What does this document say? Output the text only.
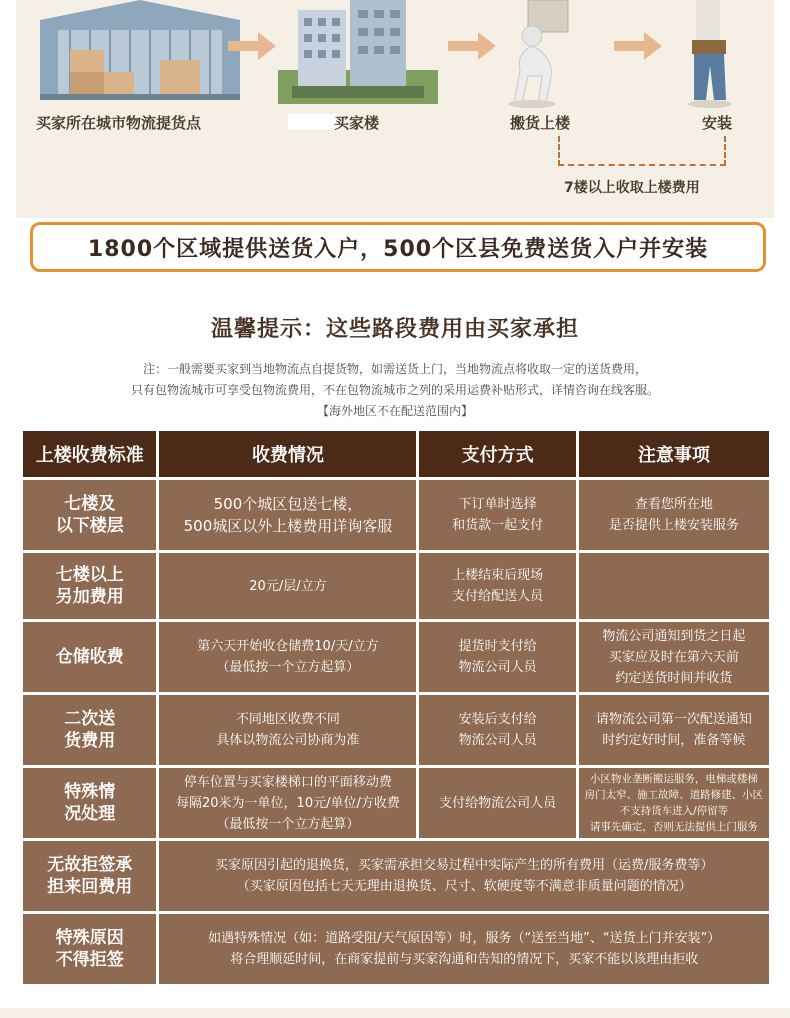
买家所在城市物流提货点	买家楼	搬货上楼	安装
7楼以上收取上楼费用
1800个区域提供送货入户，500个区县免费送货入户并安装
温馨提示：这些路段费用由买家承担
注：一般需要买家到当地物流点自提货物，如需送货上门，当地物流点将收取一定的送货费用，
只有包物流城市可享受包物流费用，不在包物流城市之列的采用运费补贴形式，详情咨询在线客服。
【海外地区不在配送范围内】
上楼收费标准	收费情况	支付方式	注意事项

七楼及
以下楼层	500个城区包送七楼，
500城区以外上楼费用详询客服	下订单时选择
和货款一起支付	查看您所在地
是否提供上楼安装服务

七楼以上
另加费用	20元/层/立方	上楼结束后现场
支付给配送人员	

仓储收费	第六天开始收仓储费10/天/立方
（最低按一个立方起算）	提货时支付给
物流公司人员	物流公司通知到货之日起
买家应及时在第六天前
约定送货时间并收货

二次送
货费用	不同地区收费不同
具体以物流公司协商为准	安装后支付给
物流公司人员	请物流公司第一次配送通知
时约定好时间，准备等候

特殊情
况处理	停车位置与买家楼梯口的平面移动费
每隔20米为一单位，10元/单位/方收费
（最低按一个立方起算）	支付给物流公司人员	小区物业垄断搬运服务，电梯或楼梯
房门太窄、施工故障、道路修建、小区
不支持货车进入/停留等
请事先确定，否则无法提供上门服务

无故拒签承
担来回费用	买家原因引起的退换货，买家需承担交易过程中实际产生的所有费用（运费/服务费等）
（买家原因包括七天无理由退换货、尺寸、软硬度等不满意非质量问题的情况）		

特殊原因
不得拒签	如遇特殊情况（如：道路受阻/天气原因等）时，服务（“送至当地”、“送货上门并安装”）
将合理顺延时间，在商家提前与买家沟通和告知的情况下，买家不能以该理由拒收		
